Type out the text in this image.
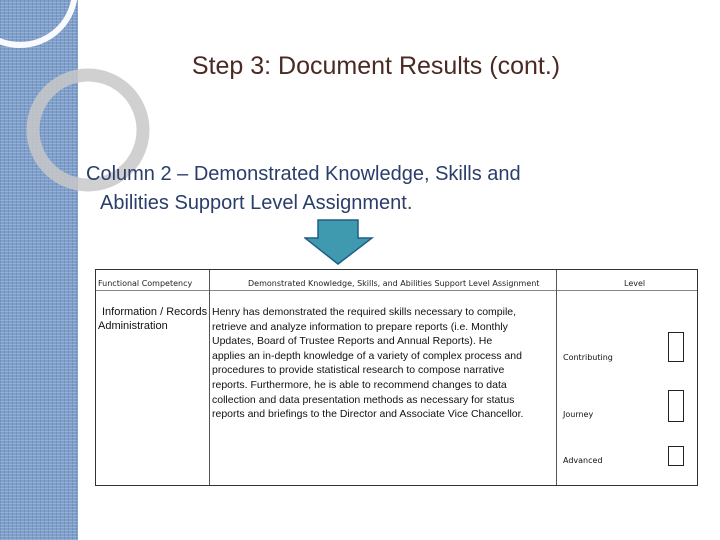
Step 3: Document Results (cont.)
Column 2 – Demonstrated Knowledge, Skills and
Abilities Support Level Assignment.
Functional Competency	Demonstrated Knowledge, Skills, and Abilities Support Level Assignment	Level
Information / Records
Administration
Henry has demonstrated the required skills necessary to compile,
retrieve and analyze information to prepare reports (i.e. Monthly
Updates, Board of Trustee Reports and Annual Reports). He
applies an in-depth knowledge of a variety of complex process and
procedures to provide statistical research to compose narrative
reports. Furthermore, he is able to recommend changes to data
collection and data presentation methods as necessary for status
reports and briefings to the Director and Associate Vice Chancellor.
Contributing
Journey
Advanced
